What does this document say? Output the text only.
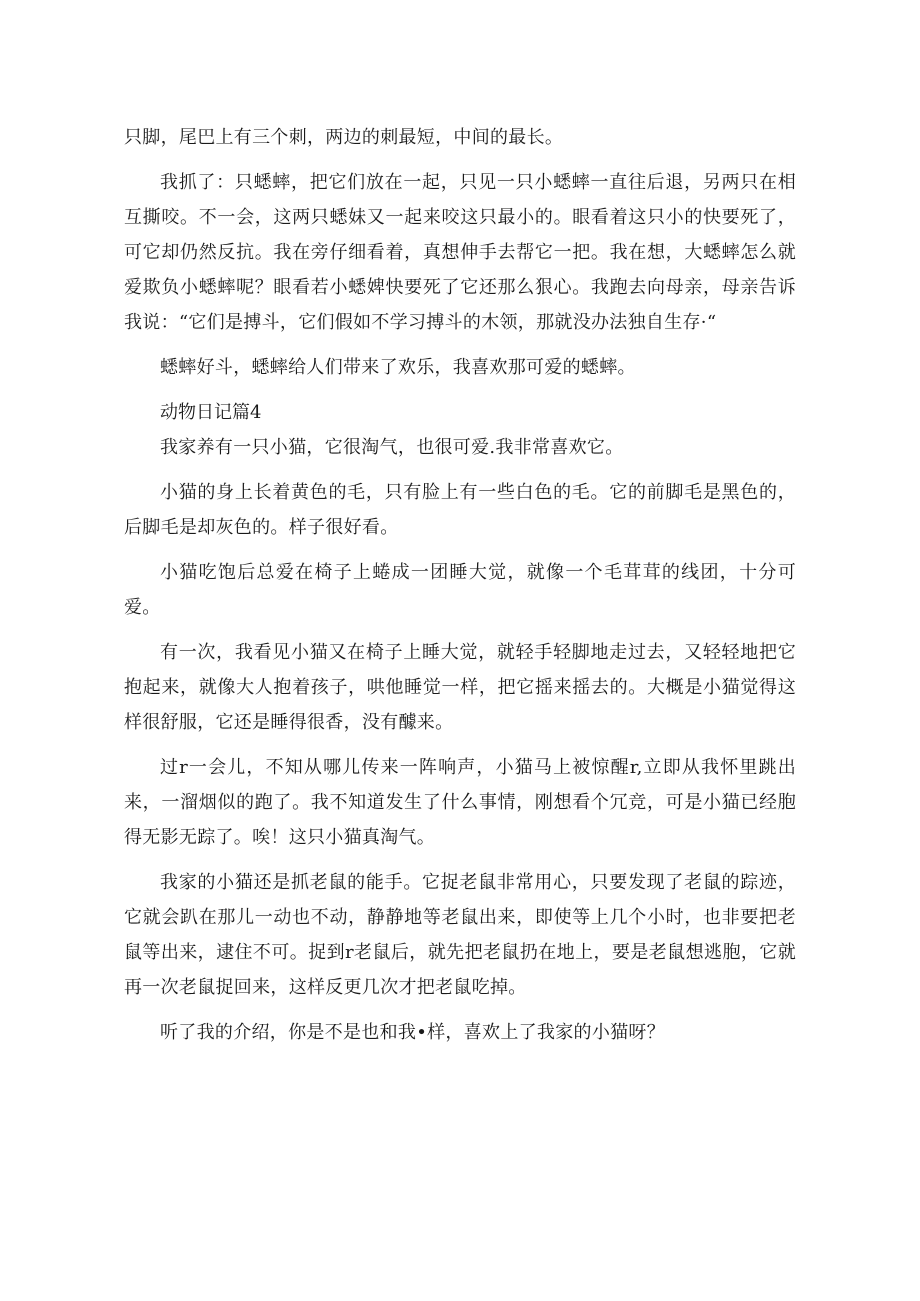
只脚，尾巴上有三个刺，两边的刺最短，中间的最长。

我抓了：只蟋蟀，把它们放在一起，只见一只小蟋蟀一直往后退，另两只在相互撕咬。不一会，这两只蟋妹又一起来咬这只最小的。眼看着这只小的快要死了，可它却仍然反抗。我在旁仔细看着，真想伸手去帮它一把。我在想，大蟋蟀怎么就爱欺负小蟋蟀呢？眼看若小蟋婢快要死了它还那么狠心。我跑去向母亲，母亲告诉我说：“它们是搏斗，它们假如不学习搏斗的木领，那就没办法独自生存·“

蟋蟀好斗，蟋蟀给人们带来了欢乐，我喜欢那可爱的蟋蟀。

动物日记篇4

我家养有一只小猫，它很淘气，也很可爱.我非常喜欢它。

小猫的身上长着黄色的毛，只有脸上有一些白色的毛。它的前脚毛是黑色的，后脚毛是却灰色的。样子很好看。

小猫吃饱后总爱在椅子上蜷成一团睡大觉，就像一个毛茸茸的线团，十分可爱。

有一次，我看见小猫又在椅子上睡大觉，就轻手轻脚地走过去，又轻轻地把它抱起来，就像大人抱着孩子，哄他睡觉一样，把它摇来摇去的。大概是小猫觉得这样很舒服，它还是睡得很香，没有醵来。

过r一会儿，不知从哪儿传来一阵响声，小猫马上被惊醒r,立即从我怀里跳出来，一溜烟似的跑了。我不知道发生了什么事情，刚想看个冗竞，可是小猫已经胞得无影无踪了。唉！这只小猫真淘气。

我家的小猫还是抓老鼠的能手。它捉老鼠非常用心，只要发现了老鼠的踪迹，它就会趴在那儿一动也不动，静静地等老鼠出来，即使等上几个小时，也非要把老鼠等出来，逮住不可。捉到r老鼠后，就先把老鼠扔在地上，要是老鼠想逃胞，它就再一次老鼠捉回来，这样反更几次才把老鼠吃掉。

听了我的介绍，你是不是也和我•样，喜欢上了我家的小猫呀？
